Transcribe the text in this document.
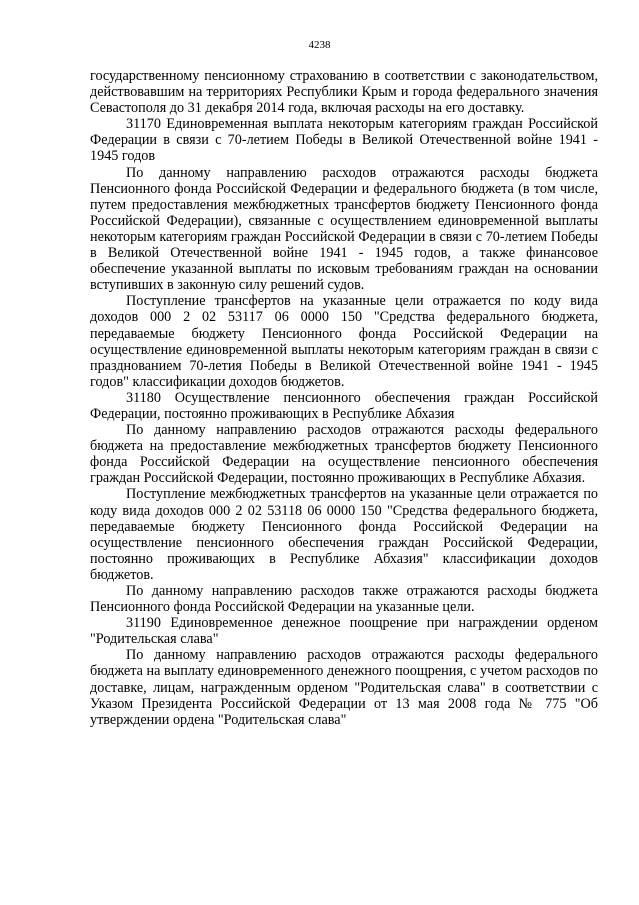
4238

государственному пенсионному страхованию в соответствии с законодательством, действовавшим на территориях Республики Крым и города федерального значения Севастополя до 31 декабря 2014 года, включая расходы на его доставку.

31170 Единовременная выплата некоторым категориям граждан Российской Федерации в связи с 70-летием Победы в Великой Отечественной войне 1941 - 1945 годов

По данному направлению расходов отражаются расходы бюджета Пенсионного фонда Российской Федерации и федерального бюджета (в том числе, путем предоставления межбюджетных трансфертов бюджету Пенсионного фонда Российской Федерации), связанные с осуществлением единовременной выплаты некоторым категориям граждан Российской Федерации в связи с 70-летием Победы в Великой Отечественной войне 1941 - 1945 годов, а также финансовое обеспечение указанной выплаты по исковым требованиям граждан на основании вступивших в законную силу решений судов.

Поступление трансфертов на указанные цели отражается по коду вида доходов 000 2 02 53117 06 0000 150 "Средства федерального бюджета, передаваемые бюджету Пенсионного фонда Российской Федерации на осуществление единовременной выплаты некоторым категориям граждан в связи с празднованием 70-летия Победы в Великой Отечественной войне 1941 - 1945 годов" классификации доходов бюджетов.

31180 Осуществление пенсионного обеспечения граждан Российской Федерации, постоянно проживающих в Республике Абхазия

По данному направлению расходов отражаются расходы федерального бюджета на предоставление межбюджетных трансфертов бюджету Пенсионного фонда Российской Федерации на осуществление пенсионного обеспечения граждан Российской Федерации, постоянно проживающих в Республике Абхазия.

Поступление межбюджетных трансфертов на указанные цели отражается по коду вида доходов 000 2 02 53118 06 0000 150 "Средства федерального бюджета, передаваемые бюджету Пенсионного фонда Российской Федерации на осуществление пенсионного обеспечения граждан Российской Федерации, постоянно проживающих в Республике Абхазия" классификации доходов бюджетов.

По данному направлению расходов также отражаются расходы бюджета Пенсионного фонда Российской Федерации на указанные цели.

31190 Единовременное денежное поощрение при награждении орденом "Родительская слава"

По данному направлению расходов отражаются расходы федерального бюджета на выплату единовременного денежного поощрения, с учетом расходов по доставке, лицам, награжденным орденом "Родительская слава" в соответствии с Указом Президента Российской Федерации от 13 мая 2008 года № 775 "Об утверждении ордена "Родительская слава"
